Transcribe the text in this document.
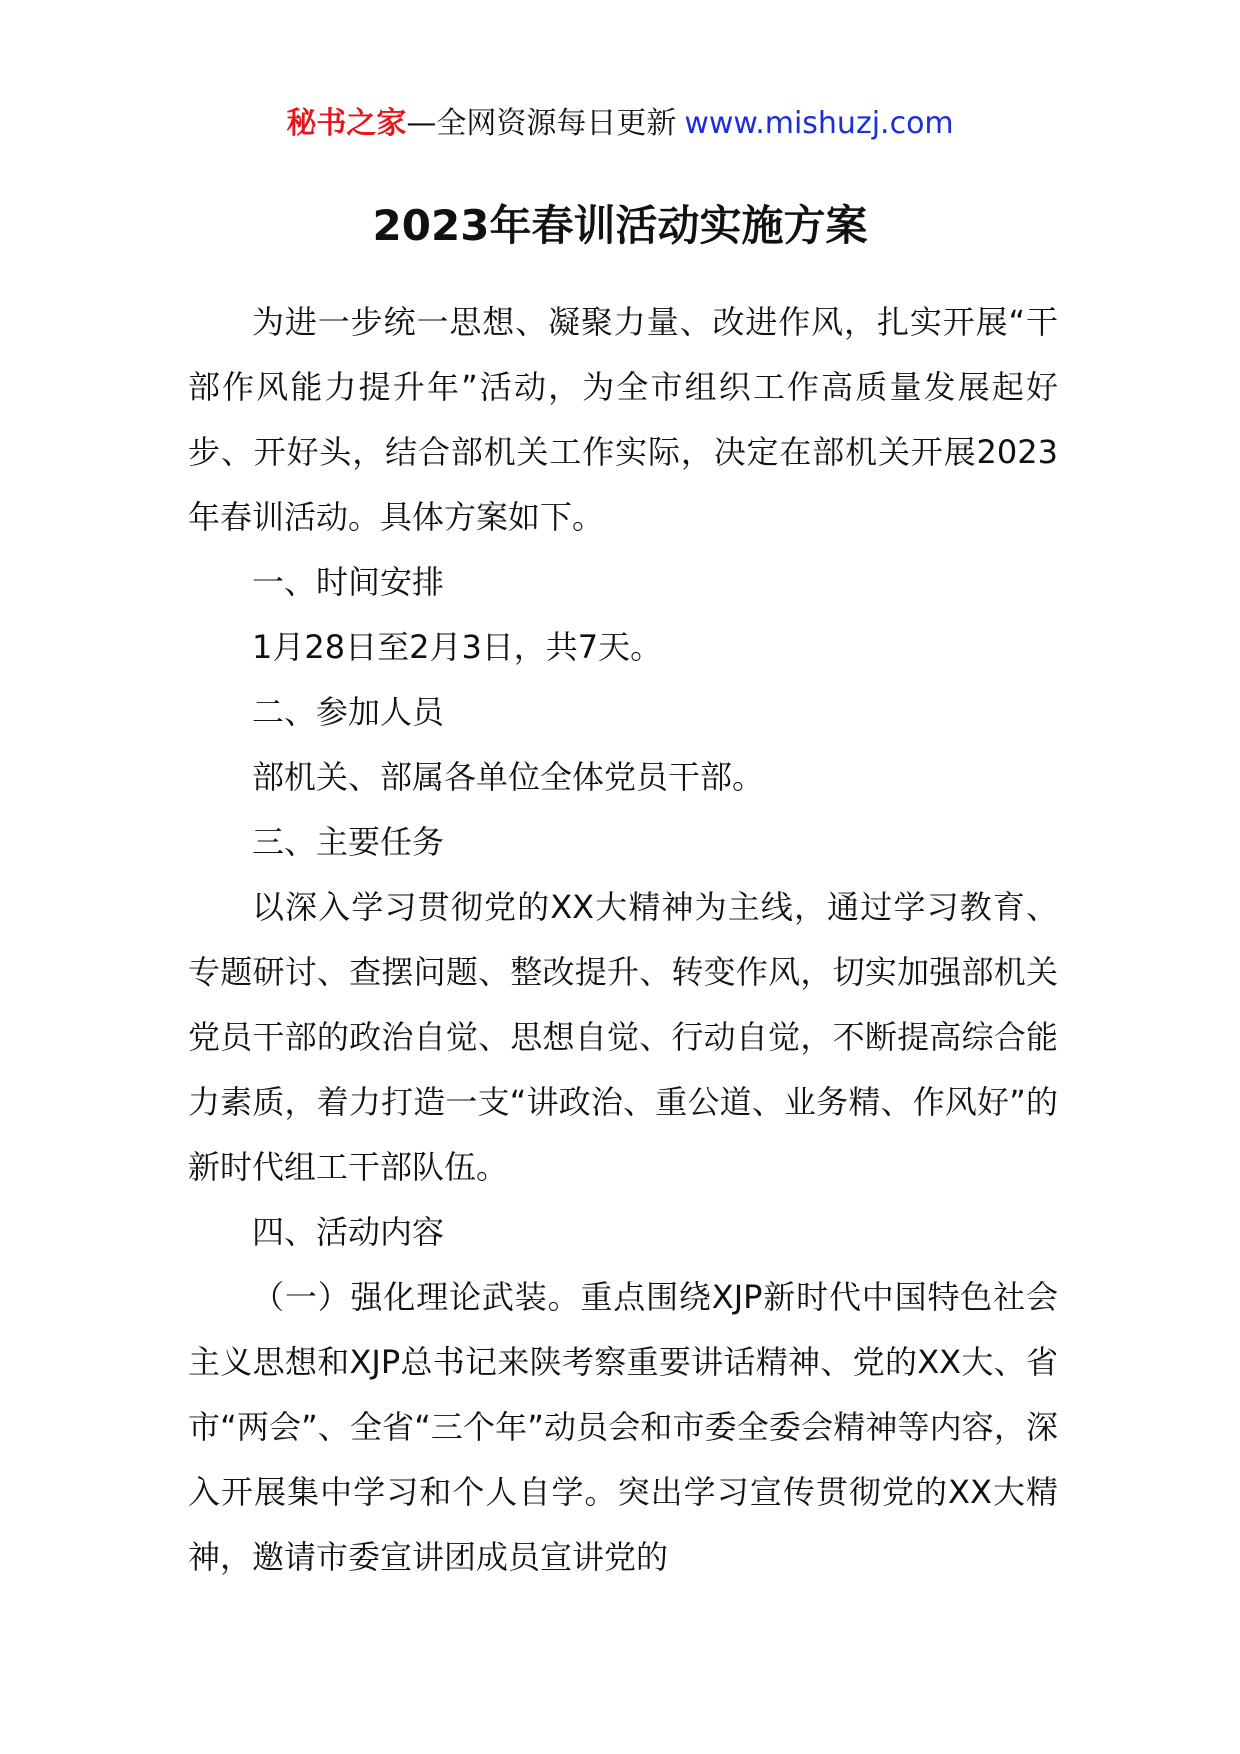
秘书之家—全网资源每日更新 www.mishuzj.com
2023年春训活动实施方案

为进一步统一思想、凝聚力量、改进作风，扎实开展“干部作风能力提升年”活动，为全市组织工作高质量发展起好步、开好头，结合部机关工作实际，决定在部机关开展2023年春训活动。具体方案如下。

一、时间安排

1月28日至2月3日，共7天。

二、参加人员

部机关、部属各单位全体党员干部。

三、主要任务

以深入学习贯彻党的XX大精神为主线，通过学习教育、专题研讨、查摆问题、整改提升、转变作风，切实加强部机关党员干部的政治自觉、思想自觉、行动自觉，不断提高综合能力素质，着力打造一支“讲政治、重公道、业务精、作风好”的新时代组工干部队伍。

四、活动内容

（一）强化理论武装。重点围绕XJP新时代中国特色社会主义思想和XJP总书记来陕考察重要讲话精神、党的XX大、省市“两会”、全省“三个年”动员会和市委全委会精神等内容，深入开展集中学习和个人自学。突出学习宣传贯彻党的XX大精神，邀请市委宣讲团成员宣讲党的
